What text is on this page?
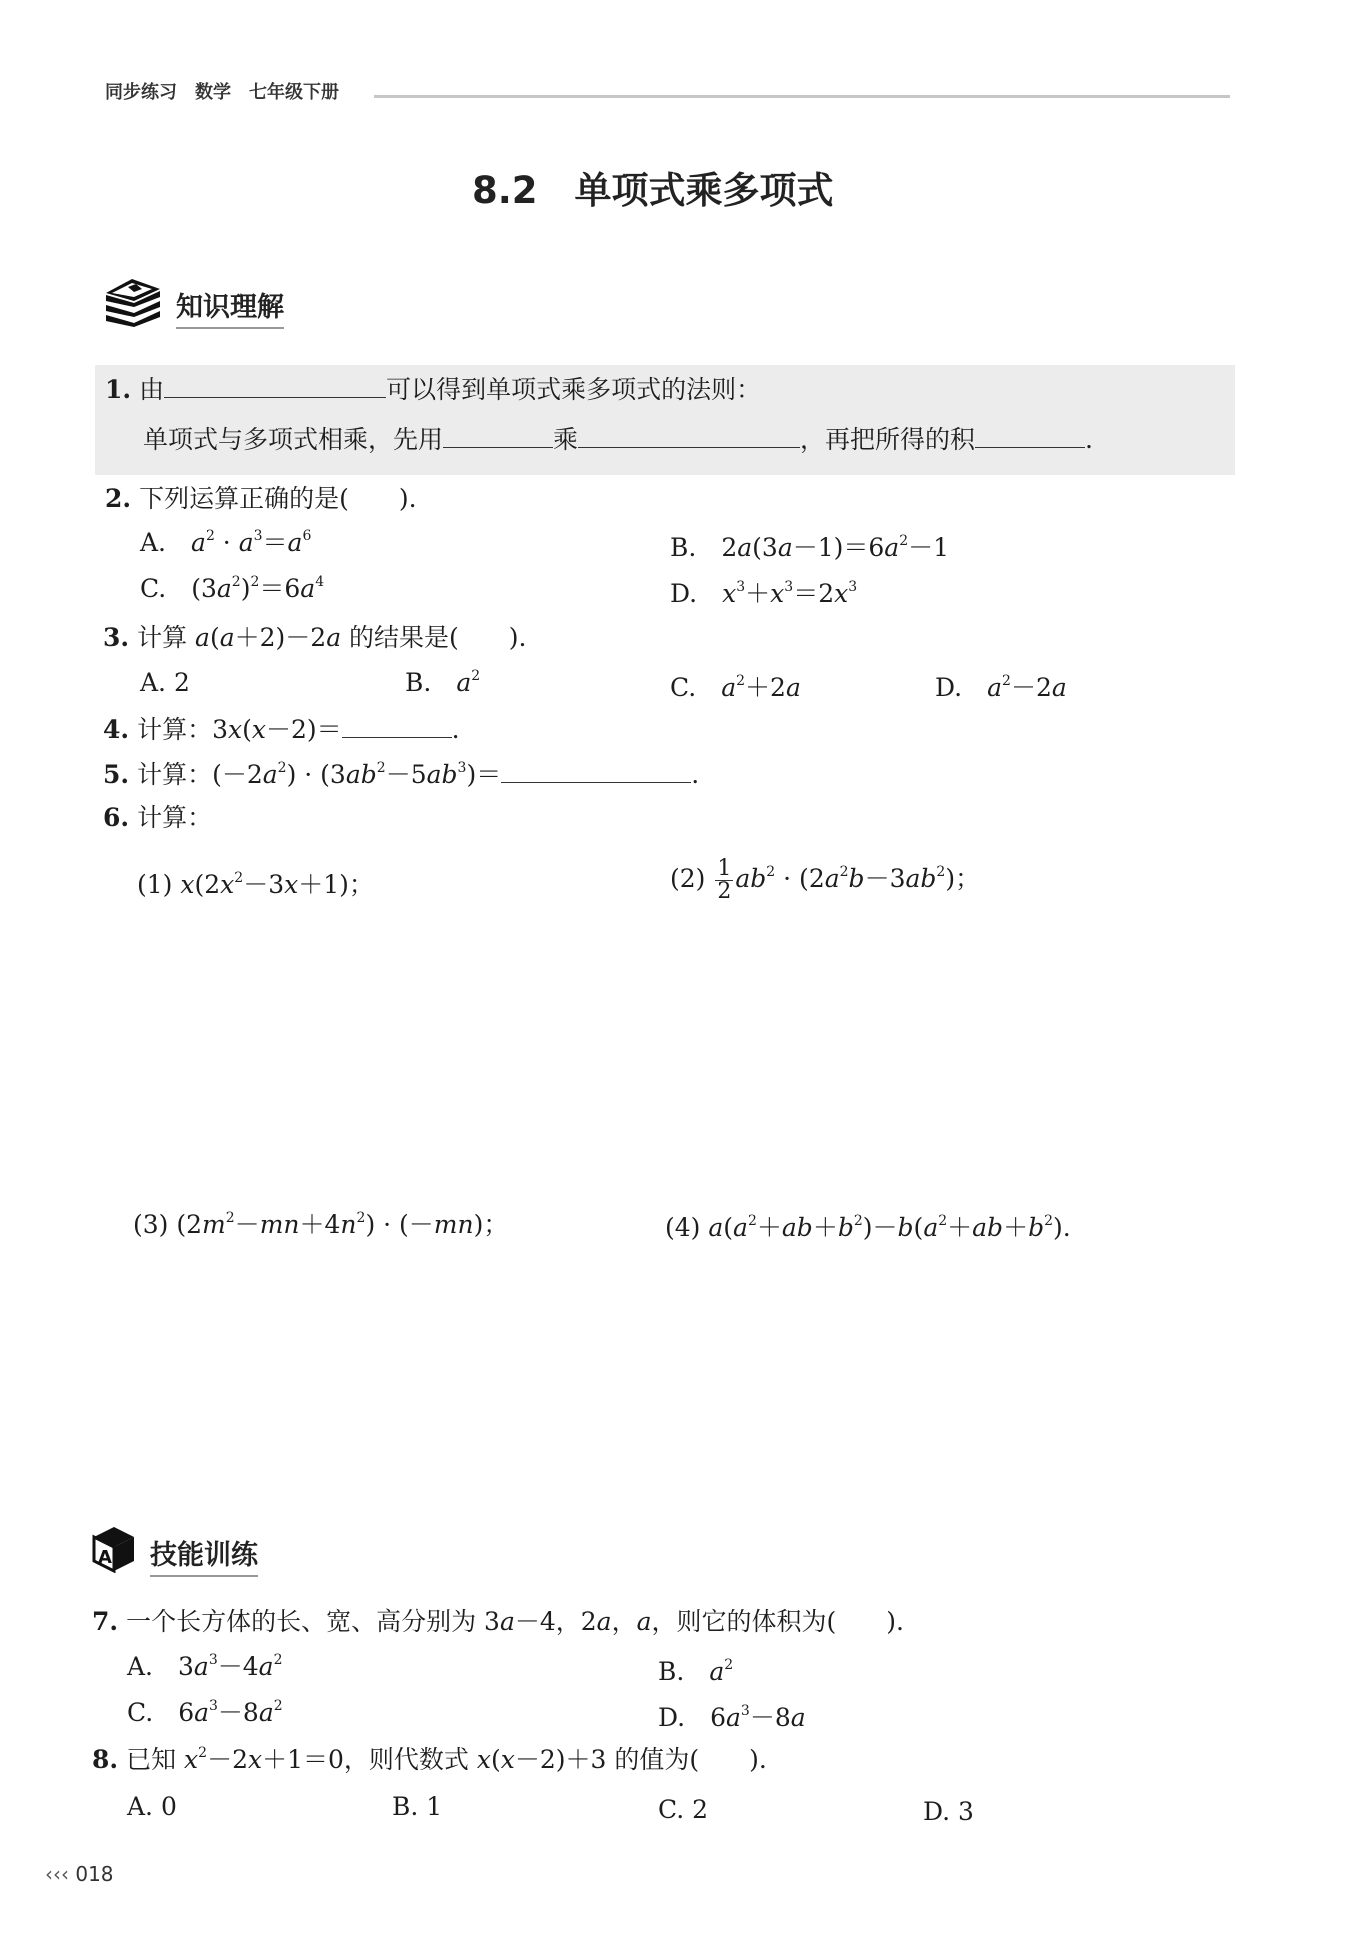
同步练习　数学　七年级下册
8.2　单项式乘多项式
知识理解
1. 由	可以得到单项式乘多项式的法则：
单项式与多项式相乘，先用	乘	，再把所得的积	.
2. 下列运算正确的是(　　).
A.　 $a^2 \cdot a^3=a^6$	B.　$2a(3a-1)=6a^2-1$
C.　$(3a^2)^2=6a^4$	D.　 $x^3+x^3=2x^3$
3. 计算 a(a＋2)－2a 的结果是(　　).
A. 2	B.　 $a^2$	C.　 $a^2+2a$	D.　 $a^2-2a$
4. 计算：3x(x－2)＝	.
5. 计算：$(-2a^2) \cdot (3ab^2-5ab^3)=$	.
6. 计算：
(1) $x(2x^2-3x+1)$；	$(2) \frac{1}{2} ab^2 \cdot (2a^2b-3ab^2)$；
(3) $(2m^2-mn+4n^2) \cdot (-mn)$；	(4) $a(a^2+ab+b^2)-b(a^2+ab+b^2)$.
A 技能训练
7. 一个长方体的长、宽、高分别为 3a－4，2a，a，则它的体积为(　　).
A.　$3a^3-4a^2$	B.　 $a^2$
C.　$6a^3-8a^2$	D.　$6a^3-8a$
8. 已知 $x^2-2x+1=0$，则代数式 x(x－2)＋3 的值为(　　).
A. 0	B. 1	C. 2	D. 3
‹‹‹ 018
